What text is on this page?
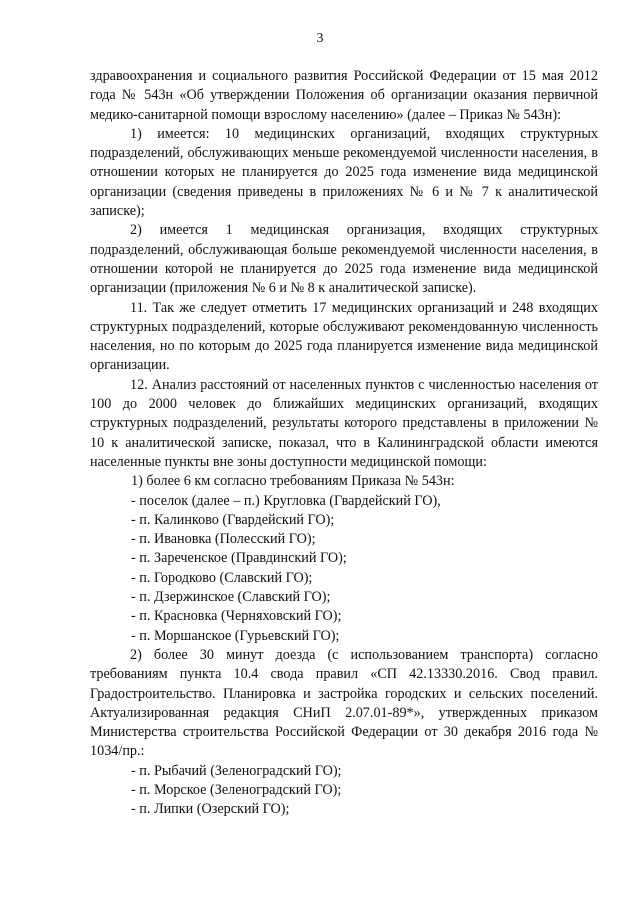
3

здравоохранения и социального развития Российской Федерации от 15 мая 2012 года № 543н «Об утверждении Положения об организации оказания первичной медико-санитарной помощи взрослому населению» (далее – Приказ № 543н):

1) имеется: 10 медицинских организаций, входящих структурных подразделений, обслуживающих меньше рекомендуемой численности населения, в отношении которых не планируется до 2025 года изменение вида медицинской организации (сведения приведены в приложениях № 6 и № 7 к аналитической записке);

2) имеется 1 медицинская организация, входящих структурных подразделений, обслуживающая больше рекомендуемой численности населения, в отношении которой не планируется до 2025 года изменение вида медицинской организации (приложения № 6 и № 8 к аналитической записке).

11. Так же следует отметить 17 медицинских организаций и 248 входящих структурных подразделений, которые обслуживают рекомендованную численность населения, но по которым до 2025 года планируется изменение вида медицинской организации.

12. Анализ расстояний от населенных пунктов с численностью населения от 100 до 2000 человек до ближайших медицинских организаций, входящих структурных подразделений, результаты которого представлены в приложении № 10 к аналитической записке, показал, что в Калининградской области имеются населенные пункты вне зоны доступности медицинской помощи:

1) более 6 км согласно требованиям Приказа № 543н:

- поселок (далее – п.) Кругловка (Гвардейский ГО),

- п. Калинково (Гвардейский ГО);

- п. Ивановка (Полесский ГО);

- п. Зареченское (Правдинский ГО);

- п. Городково (Славский ГО);

- п. Дзержинское (Славский ГО);

- п. Красновка (Черняховский ГО);

- п. Моршанское (Гурьевский ГО);

2) более 30 минут доезда (с использованием транспорта) согласно требованиям пункта 10.4 свода правил «СП 42.13330.2016. Свод правил. Градостроительство. Планировка и застройка городских и сельских поселений. Актуализированная редакция СНиП 2.07.01-89*», утвержденных приказом Министерства строительства Российской Федерации от 30 декабря 2016 года № 1034/пр.:

- п. Рыбачий (Зеленоградский ГО);

- п. Морское (Зеленоградский ГО);

- п. Липки (Озерский ГО);
